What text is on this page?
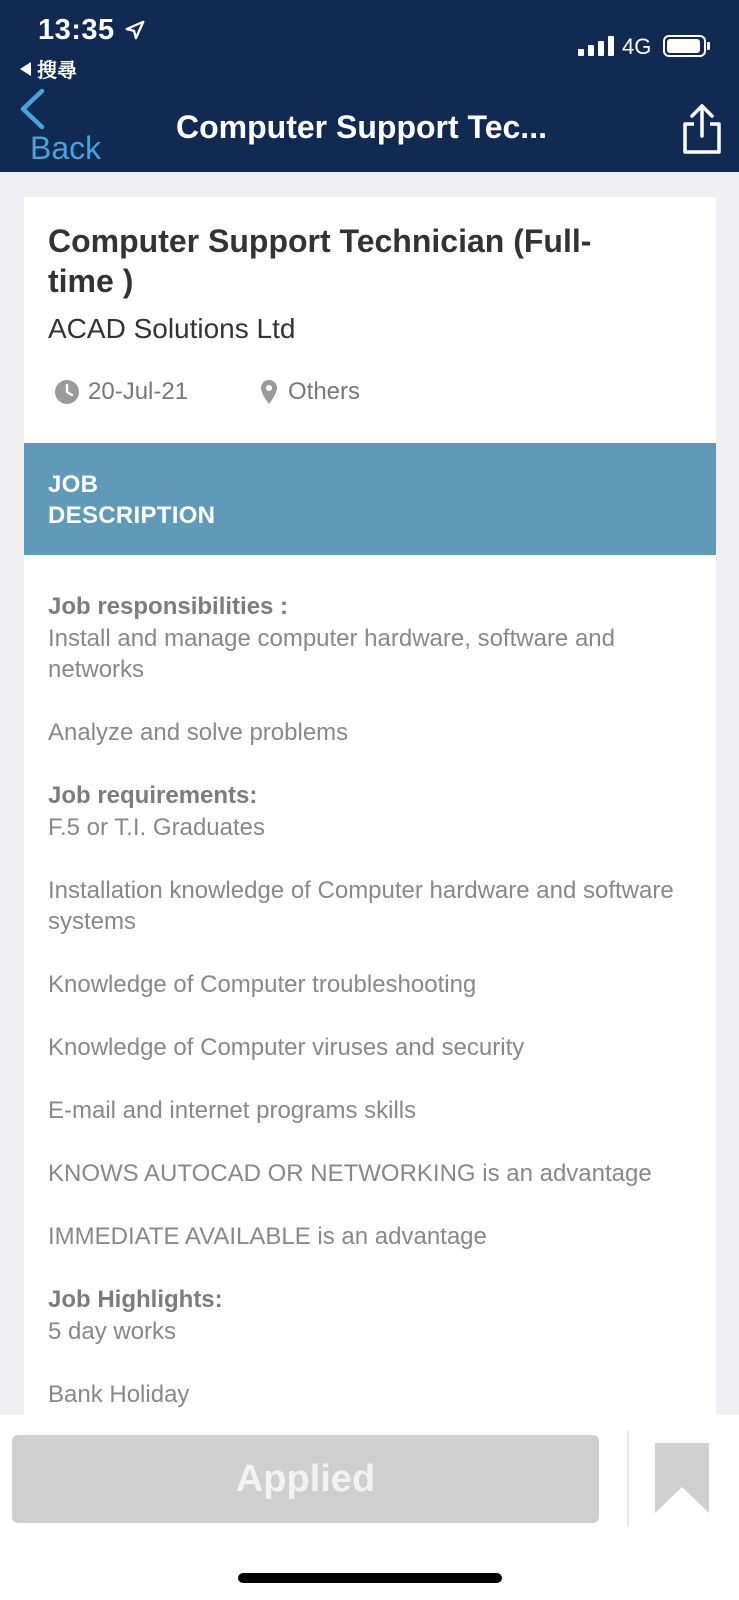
13:35
搜尋
4G
Back
Computer Support Tec...
Computer Support Technician (Full-time )
ACAD Solutions Ltd
20-Jul-21	Others
JOB DESCRIPTION
Job responsibilities :
Install and manage computer hardware, software and networks
Analyze and solve problems
Job requirements:
F.5 or T.I. Graduates
Installation knowledge of Computer hardware and software systems
Knowledge of Computer troubleshooting
Knowledge of Computer viruses and security
E-mail and internet programs skills
KNOWS AUTOCAD OR NETWORKING is an advantage
IMMEDIATE AVAILABLE is an advantage
Job Highlights:
5 day works
Bank Holiday
Applied
